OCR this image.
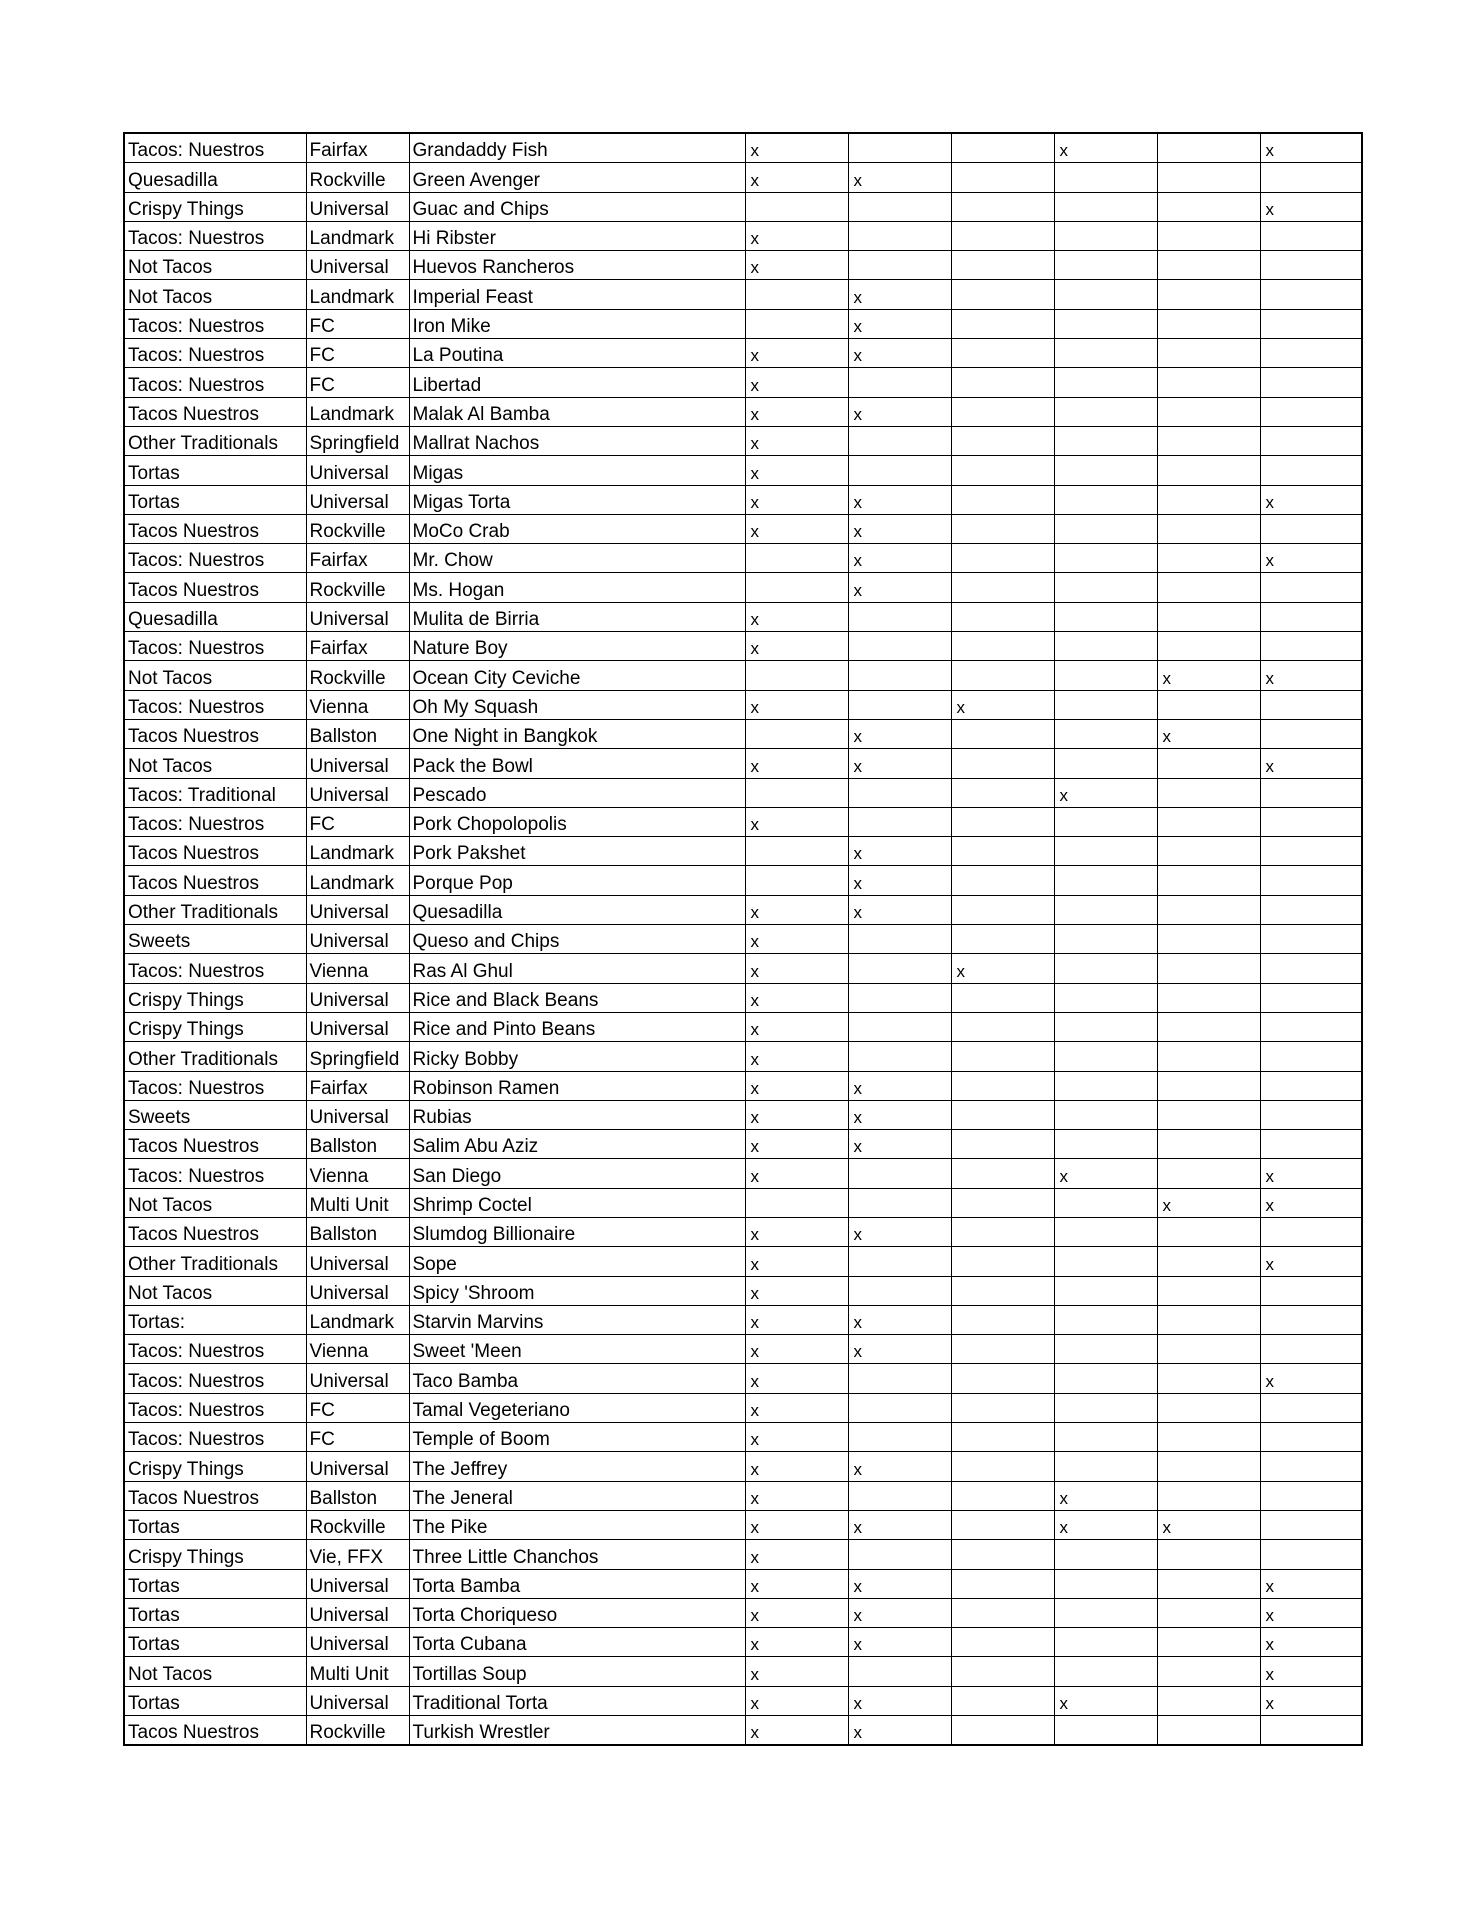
Tacos: Nuestros	Fairfax	Grandaddy Fish	x			x		x
Quesadilla	Rockville	Green Avenger	x	x				
Crispy Things	Universal	Guac and Chips						x
Tacos: Nuestros	Landmark	Hi Ribster	x					
Not Tacos	Universal	Huevos Rancheros	x					
Not Tacos	Landmark	Imperial Feast		x				
Tacos: Nuestros	FC	Iron Mike		x				
Tacos: Nuestros	FC	La Poutina	x	x				
Tacos: Nuestros	FC	Libertad	x					
Tacos Nuestros	Landmark	Malak Al Bamba	x	x				
Other Traditionals	Springfield	Mallrat Nachos	x					
Tortas	Universal	Migas	x					
Tortas	Universal	Migas Torta	x	x				x
Tacos Nuestros	Rockville	MoCo Crab	x	x				
Tacos: Nuestros	Fairfax	Mr. Chow		x				x
Tacos Nuestros	Rockville	Ms. Hogan		x				
Quesadilla	Universal	Mulita de Birria	x					
Tacos: Nuestros	Fairfax	Nature Boy	x					
Not Tacos	Rockville	Ocean City Ceviche					x	x
Tacos: Nuestros	Vienna	Oh My Squash	x		x			
Tacos Nuestros	Ballston	One Night in Bangkok		x			x	
Not Tacos	Universal	Pack the Bowl	x	x				x
Tacos: Traditional	Universal	Pescado				x		
Tacos: Nuestros	FC	Pork Chopolopolis	x					
Tacos Nuestros	Landmark	Pork Pakshet		x				
Tacos Nuestros	Landmark	Porque Pop		x				
Other Traditionals	Universal	Quesadilla	x	x				
Sweets	Universal	Queso and Chips	x					
Tacos: Nuestros	Vienna	Ras Al Ghul	x		x			
Crispy Things	Universal	Rice and Black Beans	x					
Crispy Things	Universal	Rice and Pinto Beans	x					
Other Traditionals	Springfield	Ricky Bobby	x					
Tacos: Nuestros	Fairfax	Robinson Ramen	x	x				
Sweets	Universal	Rubias	x	x				
Tacos Nuestros	Ballston	Salim Abu Aziz	x	x				
Tacos: Nuestros	Vienna	San Diego	x			x		x
Not Tacos	Multi Unit	Shrimp Coctel					x	x
Tacos Nuestros	Ballston	Slumdog Billionaire	x	x				
Other Traditionals	Universal	Sope	x					x
Not Tacos	Universal	Spicy 'Shroom	x					
Tortas:	Landmark	Starvin Marvins	x	x				
Tacos: Nuestros	Vienna	Sweet 'Meen	x	x				
Tacos: Nuestros	Universal	Taco Bamba	x					x
Tacos: Nuestros	FC	Tamal Vegeteriano	x					
Tacos: Nuestros	FC	Temple of Boom	x					
Crispy Things	Universal	The Jeffrey	x	x				
Tacos Nuestros	Ballston	The Jeneral	x			x		
Tortas	Rockville	The Pike	x	x		x	x	
Crispy Things	Vie, FFX	Three Little Chanchos	x					
Tortas	Universal	Torta Bamba	x	x				x
Tortas	Universal	Torta Choriqueso	x	x				x
Tortas	Universal	Torta Cubana	x	x				x
Not Tacos	Multi Unit	Tortillas Soup	x					x
Tortas	Universal	Traditional Torta	x	x		x		x
Tacos Nuestros	Rockville	Turkish Wrestler	x	x				
